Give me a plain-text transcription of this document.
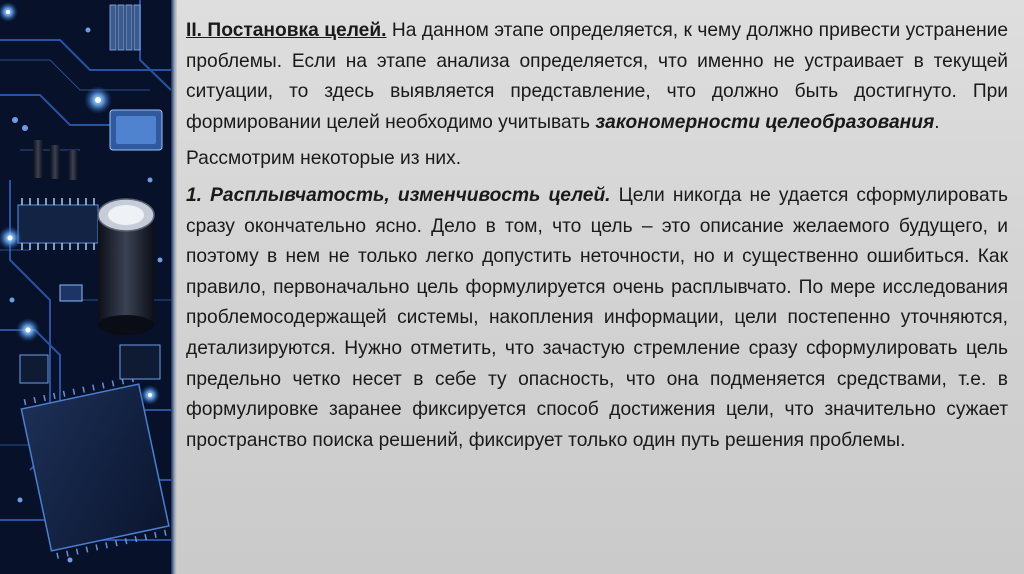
II. Постановка целей. На данном этапе определяется, к чему должно привести устранение проблемы. Если на этапе анализа определяется, что именно не устраивает в текущей ситуации, то здесь выявляется представление, что должно быть достигнуто. При формировании целей необходимо учитывать закономерности целеобразования.

Рассмотрим некоторые из них.

1. Расплывчатость, изменчивость целей. Цели никогда не удается сформулировать сразу окончательно ясно. Дело в том, что цель – это описание желаемого будущего, и поэтому в нем не только легко допустить неточности, но и существенно ошибиться. Как правило, первоначально цель формулируется очень расплывчато. По мере исследования проблемосодержащей системы, накопления информации, цели постепенно уточняются, детализируются. Нужно отметить, что зачастую стремление сразу сформулировать цель предельно четко несет в себе ту опасность, что она подменяется средствами, т.е. в формулировке заранее фиксируется способ достижения цели, что значительно сужает пространство поиска решений, фиксирует только один путь решения проблемы.
